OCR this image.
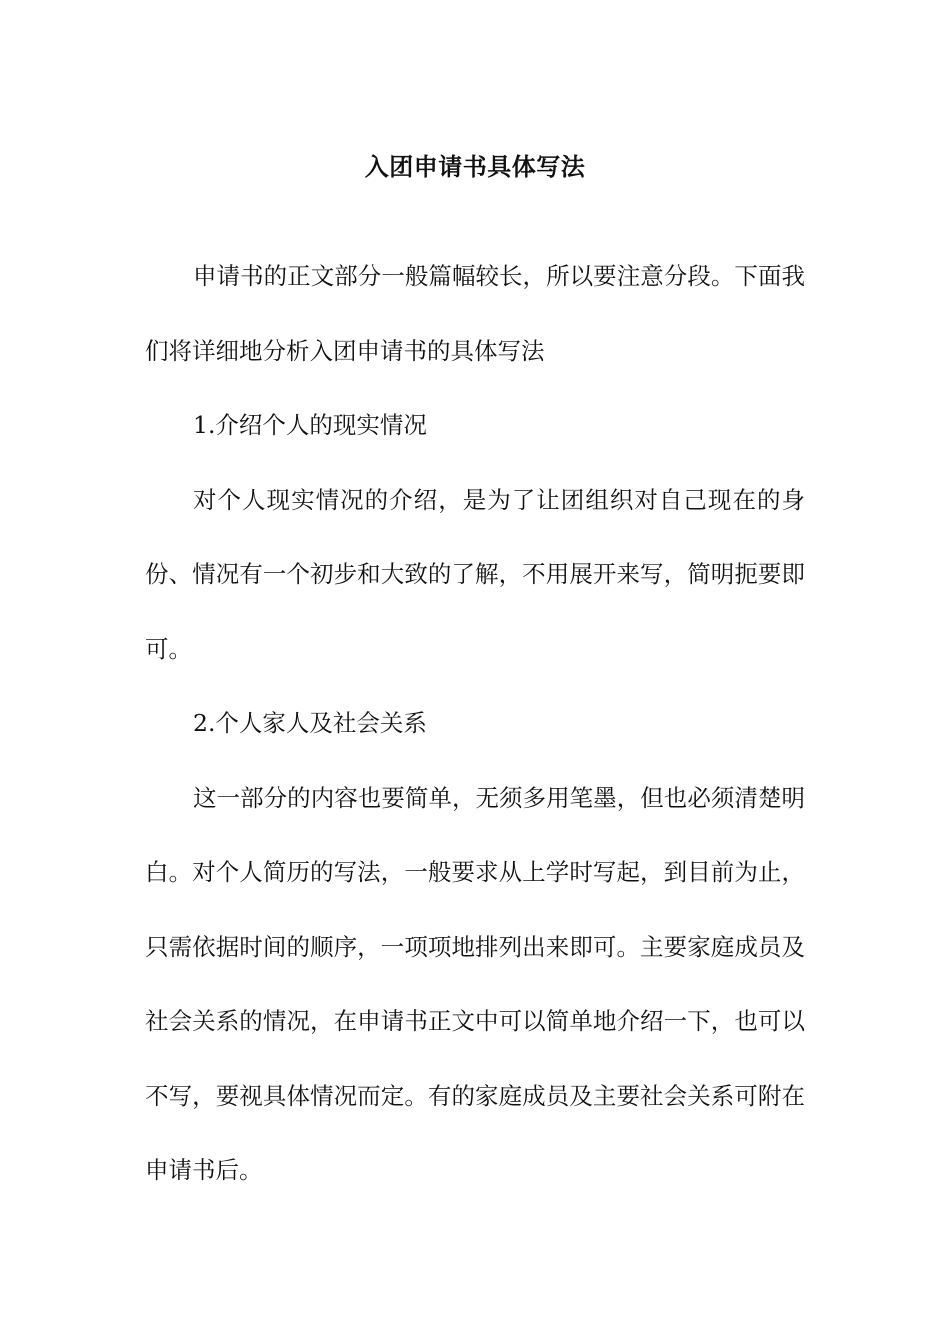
入团申请书具体写法

申请书的正文部分一般篇幅较长，所以要注意分段。下面我们将详细地分析入团申请书的具体写法

1.介绍个人的现实情况

对个人现实情况的介绍，是为了让团组织对自己现在的身份、情况有一个初步和大致的了解，不用展开来写，简明扼要即可。

2.个人家人及社会关系

这一部分的内容也要简单，无须多用笔墨，但也必须清楚明白。对个人简历的写法，一般要求从上学时写起，到目前为止，只需依据时间的顺序，一项项地排列出来即可。主要家庭成员及社会关系的情况，在申请书正文中可以简单地介绍一下，也可以不写，要视具体情况而定。有的家庭成员及主要社会关系可附在申请书后。
